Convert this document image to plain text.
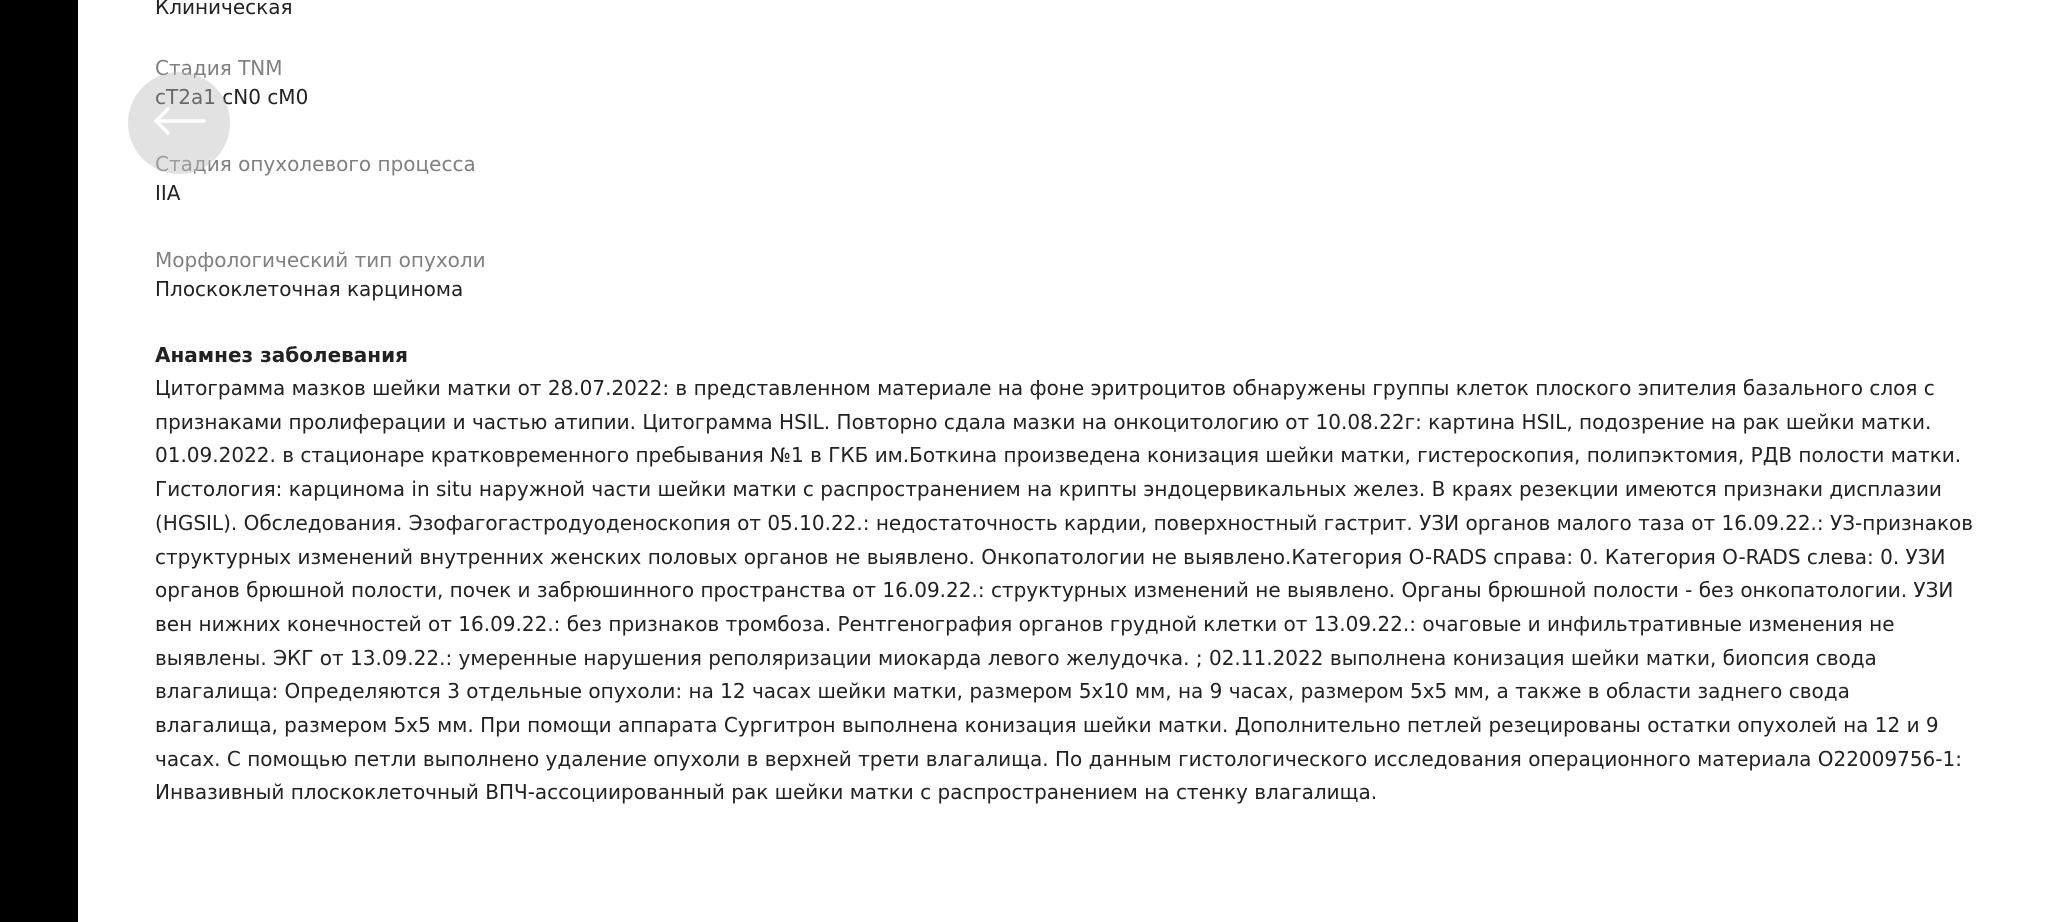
Клиническая
Стадия TNM
cT2a1 cN0 cM0
Стадия опухолевого процесса
IIA
Морфологический тип опухоли
Плоскоклеточная карцинома
Анамнез заболевания
Цитограмма мазков шейки матки от 28.07.2022: в представленном материале на фоне эритроцитов обнаружены группы клеток плоского эпителия базального слоя с признаками пролиферации и частью атипии. Цитограмма HSIL. Повторно сдала мазки на онкоцитологию от 10.08.22г: картина HSIL, подозрение на рак шейки матки. 01.09.2022. в стационаре кратковременного пребывания №1 в ГКБ им.Боткина произведена конизация шейки матки, гистероскопия, полипэктомия, РДВ полости матки. Гистология: карцинома in situ наружной части шейки матки с распространением на крипты эндоцервикальных желез. В краях резекции имеются признаки дисплазии (HGSIL). Обследования. Эзофагогастродуоденоскопия от 05.10.22.: недостаточность кардии, поверхностный гастрит. УЗИ органов малого таза от 16.09.22.: УЗ-признаков структурных изменений внутренних женских половых органов не выявлено. Онкопатологии не выявлено.Категория O-RADS справа: 0. Категория O-RADS слева: 0. УЗИ органов брюшной полости, почек и забрюшинного пространства от 16.09.22.: структурных изменений не выявлено. Органы брюшной полости - без онкопатологии. УЗИ вен нижних конечностей от 16.09.22.: без признаков тромбоза. Рентгенография органов грудной клетки от 13.09.22.: очаговые и инфильтративные изменения не выявлены. ЭКГ от 13.09.22.: умеренные нарушения реполяризации миокарда левого желудочка. ; 02.11.2022 выполнена конизация шейки матки, биопсия свода влагалища: Определяются 3 отдельные опухоли: на 12 часах шейки матки, размером 5х10 мм, на 9 часах, размером 5х5 мм, а также в области заднего свода влагалища, размером 5х5 мм. При помощи аппарата Сургитрон выполнена конизация шейки матки. Дополнительно петлей резецированы остатки опухолей на 12 и 9 часах. С помощью петли выполнено удаление опухоли в верхней трети влагалища. По данным гистологического исследования операционного материала O22009756-1: Инвазивный плоскоклеточный ВПЧ-ассоциированный рак шейки матки с распространением на стенку влагалища.
